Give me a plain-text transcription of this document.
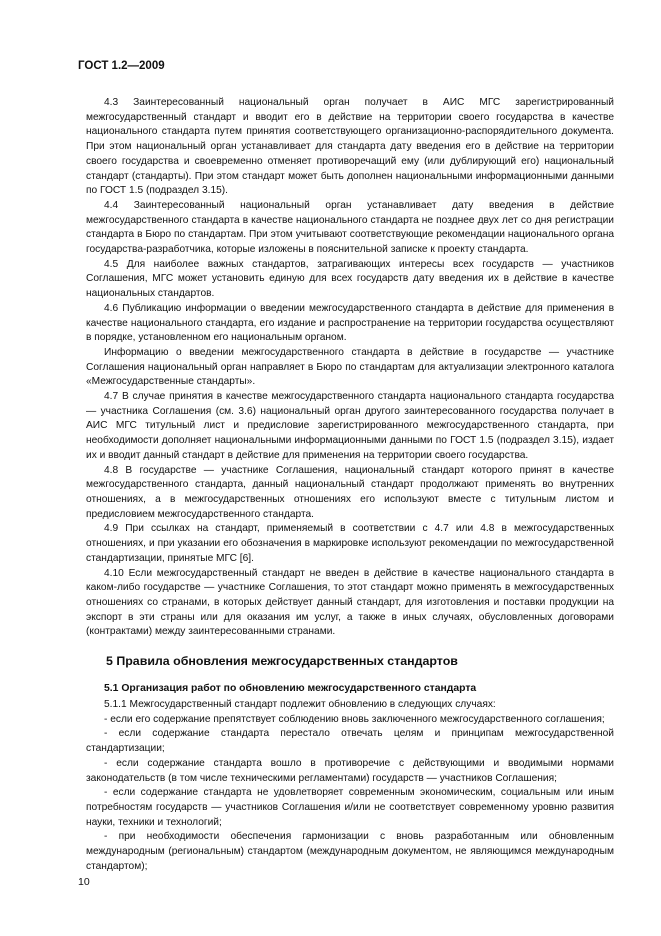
ГОСТ 1.2—2009

4.3 Заинтересованный национальный орган получает в АИС МГС зарегистрированный межгосударственный стандарт и вводит его в действие на территории своего государства в качестве национального стандарта путем принятия соответствующего организационно-распорядительного документа. При этом национальный орган устанавливает для стандарта дату введения его в действие на территории своего государства и своевременно отменяет противоречащий ему (или дублирующий его) национальный стандарт (стандарты). При этом стандарт может быть дополнен национальными информационными данными по ГОСТ 1.5 (подраздел 3.15).

4.4 Заинтересованный национальный орган устанавливает дату введения в действие межгосударственного стандарта в качестве национального стандарта не позднее двух лет со дня регистрации стандарта в Бюро по стандартам. При этом учитывают соответствующие рекомендации национального органа государства-разработчика, которые изложены в пояснительной записке к проекту стандарта.

4.5 Для наиболее важных стандартов, затрагивающих интересы всех государств — участников Соглашения, МГС может установить единую для всех государств дату введения их в действие в качестве национальных стандартов.

4.6 Публикацию информации о введении межгосударственного стандарта в действие для применения в качестве национального стандарта, его издание и распространение на территории государства осуществляют в порядке, установленном его национальным органом.

Информацию о введении межгосударственного стандарта в действие в государстве — участнике Соглашения национальный орган направляет в Бюро по стандартам для актуализации электронного каталога «Межгосударственные стандарты».

4.7 В случае принятия в качестве межгосударственного стандарта национального стандарта государства — участника Соглашения (см. 3.6) национальный орган другого заинтересованного государства получает в АИС МГС титульный лист и предисловие зарегистрированного межгосударственного стандарта, при необходимости дополняет национальными информационными данными по ГОСТ 1.5 (подраздел 3.15), издает их и вводит данный стандарт в действие для применения на территории своего государства.

4.8 В государстве — участнике Соглашения, национальный стандарт которого принят в качестве межгосударственного стандарта, данный национальный стандарт продолжают применять во внутренних отношениях, а в межгосударственных отношениях его используют вместе с титульным листом и предисловием межгосударственного стандарта.

4.9 При ссылках на стандарт, применяемый в соответствии с 4.7 или 4.8 в межгосударственных отношениях, и при указании его обозначения в маркировке используют рекомендации по межгосударственной стандартизации, принятые МГС [6].

4.10 Если межгосударственный стандарт не введен в действие в качестве национального стандарта в каком-либо государстве — участнике Соглашения, то этот стандарт можно применять в межгосударственных отношениях со странами, в которых действует данный стандарт, для изготовления и поставки продукции на экспорт в эти страны или для оказания им услуг, а также в иных случаях, обусловленных договорами (контрактами) между заинтересованными странами.

5 Правила обновления межгосударственных стандартов
5.1 Организация работ по обновлению межгосударственного стандарта

5.1.1 Межгосударственный стандарт подлежит обновлению в следующих случаях:

- если его содержание препятствует соблюдению вновь заключенного межгосударственного соглашения;

- если содержание стандарта перестало отвечать целям и принципам межгосударственной стандартизации;

- если содержание стандарта вошло в противоречие с действующими и вводимыми нормами законодательств (в том числе техническими регламентами) государств — участников Соглашения;

- если содержание стандарта не удовлетворяет современным экономическим, социальным или иным потребностям государств — участников Соглашения и/или не соответствует современному уровню развития науки, техники и технологий;

- при необходимости обеспечения гармонизации с вновь разработанным или обновленным международным (региональным) стандартом (международным документом, не являющимся международным стандартом);

10
